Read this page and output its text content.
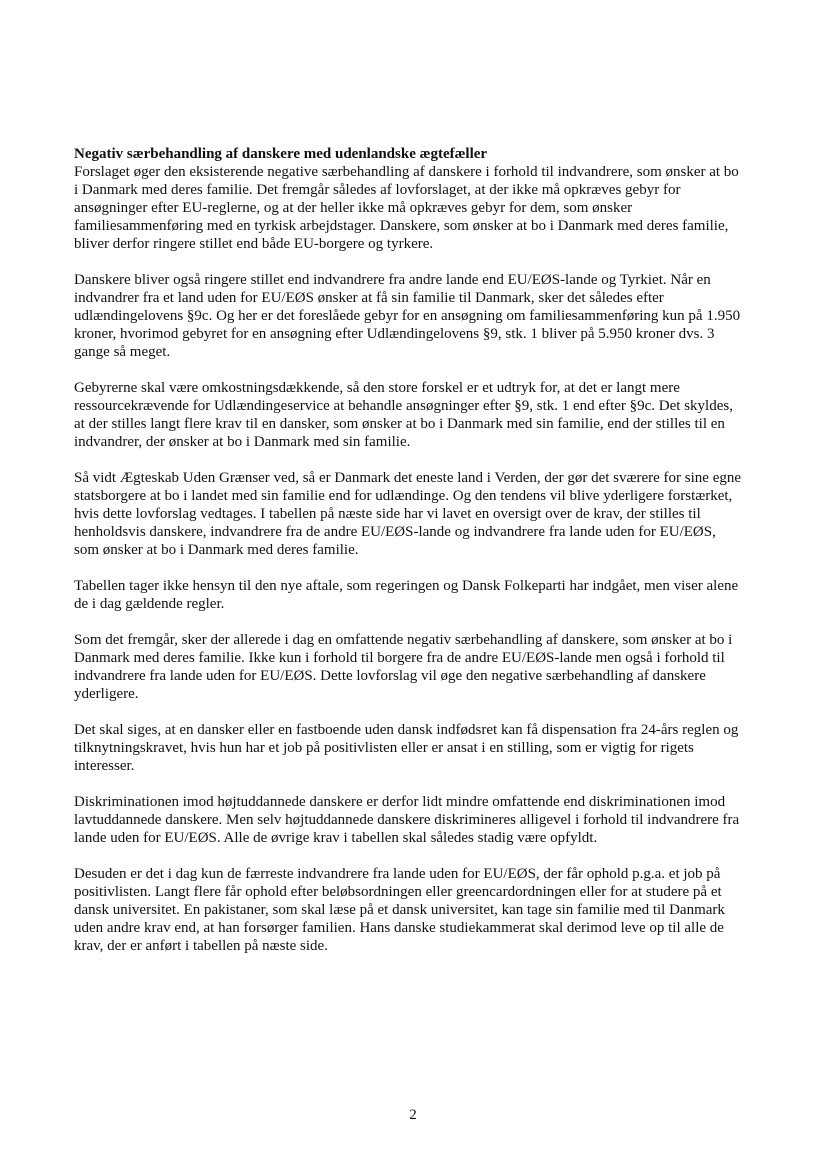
Negativ særbehandling af danskere med udenlandske ægtefæller

Forslaget øger den eksisterende negative særbehandling af danskere i forhold til indvandrere, som ønsker at bo i Danmark med deres familie. Det fremgår således af lovforslaget, at der ikke må opkræves gebyr for ansøgninger efter EU-reglerne, og at der heller ikke må opkræves gebyr for dem, som ønsker familiesammenføring med en tyrkisk arbejdstager. Danskere, som ønsker at bo i Danmark med deres familie, bliver derfor ringere stillet end både EU-borgere og tyrkere.

Danskere bliver også ringere stillet end indvandrere fra andre lande end EU/EØS-lande og Tyrkiet. Når en indvandrer fra et land uden for EU/EØS ønsker at få sin familie til Danmark, sker det således efter udlændingelovens §9c. Og her er det foreslåede gebyr for en ansøgning om familiesammenføring kun på 1.950 kroner, hvorimod gebyret for en ansøgning efter Udlændingelovens §9, stk. 1 bliver på 5.950 kroner dvs. 3 gange så meget.

Gebyrerne skal være omkostningsdækkende, så den store forskel er et udtryk for, at det er langt mere ressourcekrævende for Udlændingeservice at behandle ansøgninger efter §9, stk. 1 end efter §9c. Det skyldes, at der stilles langt flere krav til en dansker, som ønsker at bo i Danmark med sin familie, end der stilles til en indvandrer, der ønsker at bo i Danmark med sin familie.

Så vidt Ægteskab Uden Grænser ved, så er Danmark det eneste land i Verden, der gør det sværere for sine egne statsborgere at bo i landet med sin familie end for udlændinge. Og den tendens vil blive yderligere forstærket, hvis dette lovforslag vedtages. I tabellen på næste side har vi lavet en oversigt over de krav, der stilles til henholdsvis danskere, indvandrere fra de andre EU/EØS-lande og indvandrere fra lande uden for EU/EØS, som ønsker at bo i Danmark med deres familie.

Tabellen tager ikke hensyn til den nye aftale, som regeringen og Dansk Folkeparti har indgået, men viser alene de i dag gældende regler.

Som det fremgår, sker der allerede i dag en omfattende negativ særbehandling af danskere, som ønsker at bo i Danmark med deres familie. Ikke kun i forhold til borgere fra de andre EU/EØS-lande men også i forhold til indvandrere fra lande uden for EU/EØS. Dette lovforslag vil øge den negative særbehandling af danskere yderligere.

Det skal siges, at en dansker eller en fastboende uden dansk indfødsret kan få dispensation fra 24-års reglen og tilknytningskravet, hvis hun har et job på positivlisten eller er ansat i en stilling, som er vigtig for rigets interesser.

Diskriminationen imod højtuddannede danskere er derfor lidt mindre omfattende end diskriminationen imod lavtuddannede danskere. Men selv højtuddannede danskere diskrimineres alligevel i forhold til indvandrere fra lande uden for EU/EØS. Alle de øvrige krav i tabellen skal således stadig være opfyldt.

Desuden er det i dag kun de færreste indvandrere fra lande uden for EU/EØS, der får ophold p.g.a. et job på positivlisten. Langt flere får ophold efter beløbsordningen eller greencardordningen eller for at studere på et dansk universitet. En pakistaner, som skal læse på et dansk universitet, kan tage sin familie med til Danmark uden andre krav end, at han forsørger familien. Hans danske studiekammerat skal derimod leve op til alle de krav, der er anført i tabellen på næste side.

2
